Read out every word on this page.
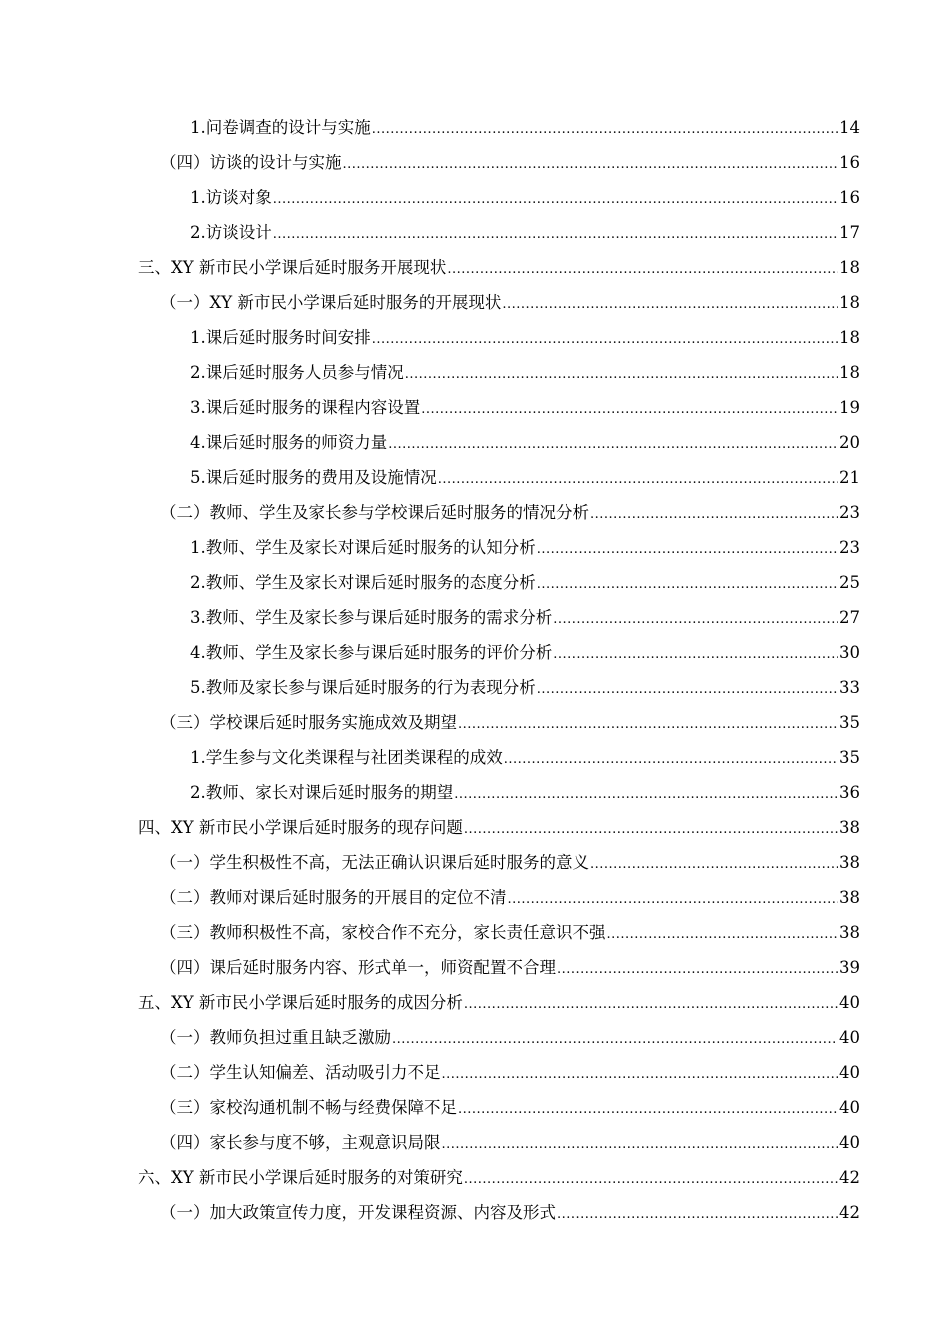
1.问卷调查的设计与实施 .....	14
（四）访谈的设计与实施 .....	16
1.访谈对象 .....	16
2.访谈设计 .....	17
三、XY 新市民小学课后延时服务开展现状 .....	18
（一）XY 新市民小学课后延时服务的开展现状 .....	18
1.课后延时服务时间安排 .....	18
2.课后延时服务人员参与情况 .....	18
3.课后延时服务的课程内容设置 .....	19
4.课后延时服务的师资力量 .....	20
5.课后延时服务的费用及设施情况 .....	21
（二）教师、学生及家长参与学校课后延时服务的情况分析 .....	23
1.教师、学生及家长对课后延时服务的认知分析 .....	23
2.教师、学生及家长对课后延时服务的态度分析 .....	25
3.教师、学生及家长参与课后延时服务的需求分析 .....	27
4.教师、学生及家长参与课后延时服务的评价分析 .....	30
5.教师及家长参与课后延时服务的行为表现分析 .....	33
（三）学校课后延时服务实施成效及期望 .....	35
1.学生参与文化类课程与社团类课程的成效 .....	35
2.教师、家长对课后延时服务的期望 .....	36
四、XY 新市民小学课后延时服务的现存问题 .....	38
（一）学生积极性不高，无法正确认识课后延时服务的意义 .....	38
（二）教师对课后延时服务的开展目的定位不清 .....	38
（三）教师积极性不高，家校合作不充分，家长责任意识不强 .....	38
（四）课后延时服务内容、形式单一，师资配置不合理 .....	39
五、XY 新市民小学课后延时服务的成因分析 .....	40
（一）教师负担过重且缺乏激励 .....	40
（二）学生认知偏差、活动吸引力不足 .....	40
（三）家校沟通机制不畅与经费保障不足 .....	40
（四）家长参与度不够，主观意识局限 .....	40
六、XY 新市民小学课后延时服务的对策研究 .....	42
（一）加大政策宣传力度，开发课程资源、内容及形式 .....	42
